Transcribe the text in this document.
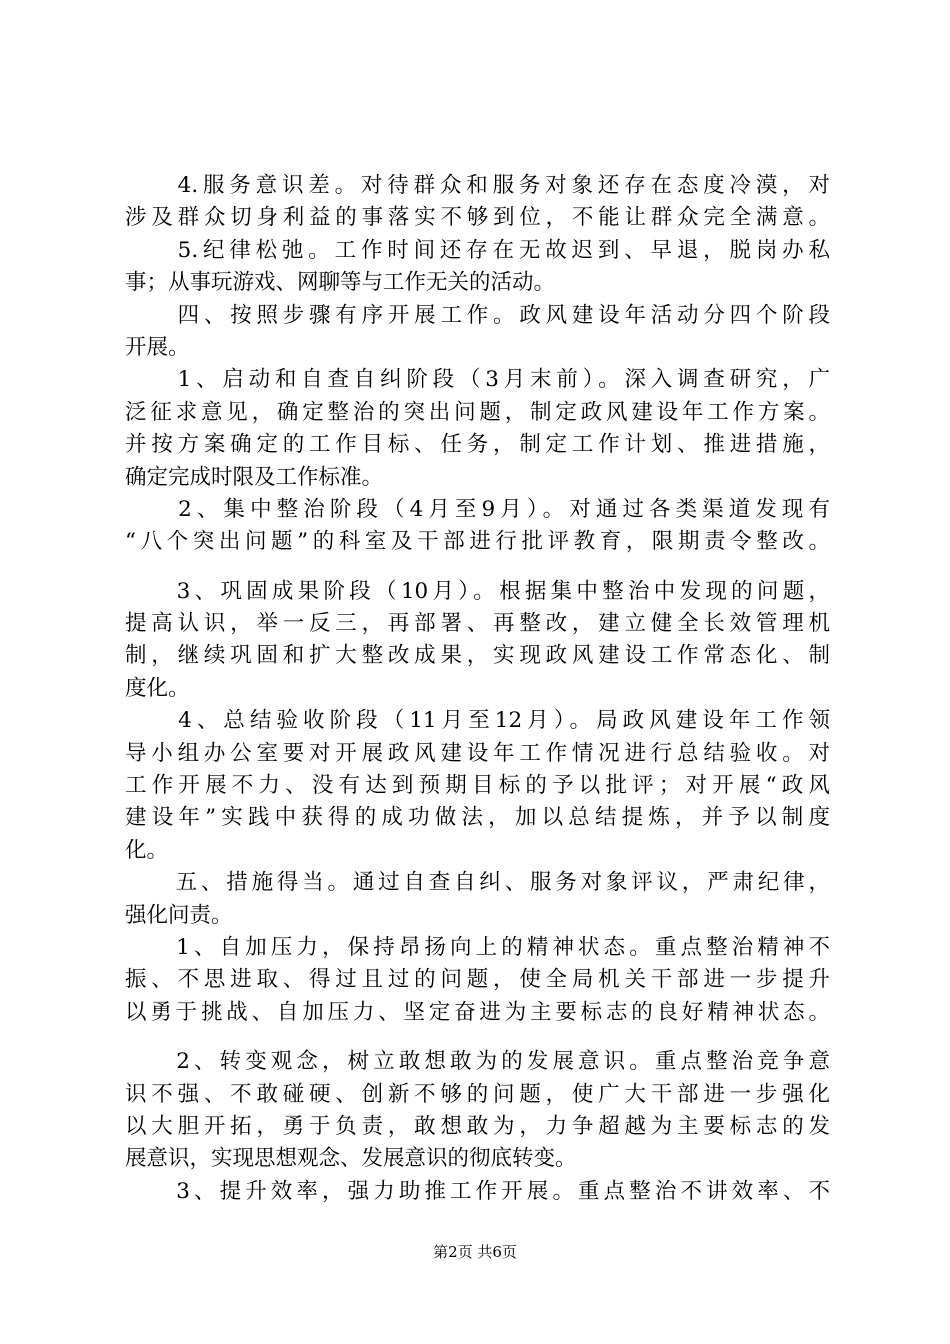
　　4.服务意识差。对待群众和服务对象还存在态度冷漠，对
涉及群众切身利益的事落实不够到位，不能让群众完全满意。
　　5.纪律松弛。工作时间还存在无故迟到、早退，脱岗办私
事；从事玩游戏、网聊等与工作无关的活动。
　　四、按照步骤有序开展工作。政风建设年活动分四个阶段
开展。
　　1、启动和自查自纠阶段（3月末前）。深入调查研究，广
泛征求意见，确定整治的突出问题，制定政风建设年工作方案。
并按方案确定的工作目标、任务，制定工作计划、推进措施，
确定完成时限及工作标准。
　　2、集中整治阶段（4月至9月）。对通过各类渠道发现有
“八个突出问题”的科室及干部进行批评教育，限期责令整改。
　　3、巩固成果阶段（10月）。根据集中整治中发现的问题，
提高认识，举一反三，再部署、再整改，建立健全长效管理机
制，继续巩固和扩大整改成果，实现政风建设工作常态化、制
度化。
　　4、总结验收阶段（11月至12月）。局政风建设年工作领
导小组办公室要对开展政风建设年工作情况进行总结验收。对
工作开展不力、没有达到预期目标的予以批评；对开展“政风
建设年”实践中获得的成功做法，加以总结提炼，并予以制度
化。
　　五、措施得当。通过自查自纠、服务对象评议，严肃纪律，
强化问责。
　　1、自加压力，保持昂扬向上的精神状态。重点整治精神不
振、不思进取、得过且过的问题，使全局机关干部进一步提升
以勇于挑战、自加压力、坚定奋进为主要标志的良好精神状态。
　　2、转变观念，树立敢想敢为的发展意识。重点整治竞争意
识不强、不敢碰硬、创新不够的问题，使广大干部进一步强化
以大胆开拓，勇于负责，敢想敢为，力争超越为主要标志的发
展意识，实现思想观念、发展意识的彻底转变。
　　3、提升效率，强力助推工作开展。重点整治不讲效率、不
第2页 共6页
